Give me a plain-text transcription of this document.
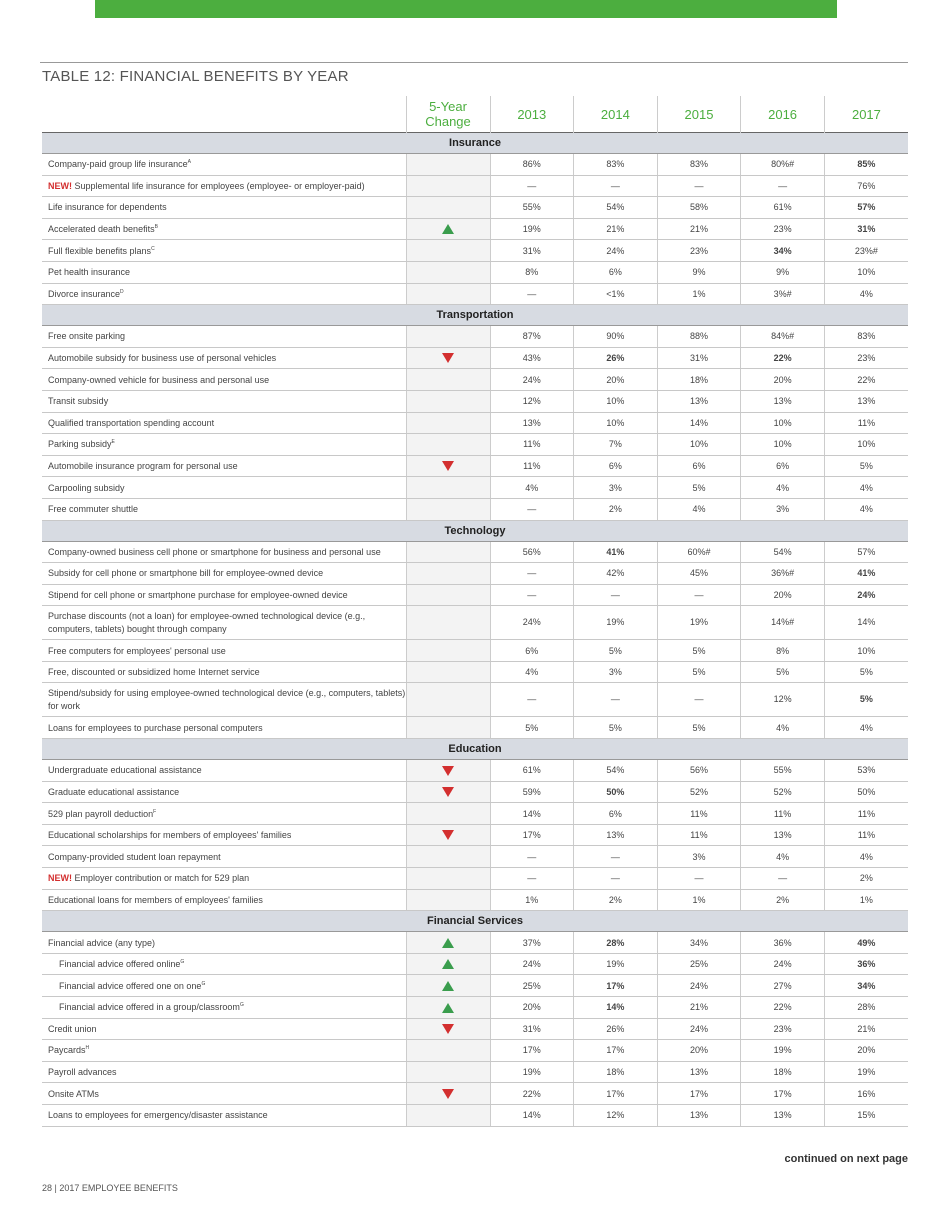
TABLE 12: FINANCIAL BENEFITS BY YEAR
	5-Year
Change	2013	2014	2015	2016	2017
Insurance						
Company-paid group life insurance$^A$		86%	83%	83%	80%#	85%
NEW! Supplemental life insurance for employees (employee- or employer-paid)		—	—	—	—	76%
Life insurance for dependents		55%	54%	58%	61%	57%
Accelerated death benefits$^B$		19%	21%	21%	23%	31%
Full flexible benefits plans$^C$		31%	24%	23%	34%	23%#
Pet health insurance		8%	6%	9%	9%	10%
Divorce insurance$^D$		—	<1%	1%	3%#	4%
Transportation						
Free onsite parking		87%	90%	88%	84%#	83%
Automobile subsidy for business use of personal vehicles		43%	26%	31%	22%	23%
Company-owned vehicle for business and personal use		24%	20%	18%	20%	22%
Transit subsidy		12%	10%	13%	13%	13%
Qualified transportation spending account		13%	10%	14%	10%	11%
Parking subsidy$^E$		11%	7%	10%	10%	10%
Automobile insurance program for personal use		11%	6%	6%	6%	5%
Carpooling subsidy		4%	3%	5%	4%	4%
Free commuter shuttle		—	2%	4%	3%	4%
Technology						
Company-owned business cell phone or smartphone for business and personal use		56%	41%	60%#	54%	57%
Subsidy for cell phone or smartphone bill for employee-owned device		—	42%	45%	36%#	41%
Stipend for cell phone or smartphone purchase for employee-owned device		—	—	—	20%	24%
Purchase discounts (not a loan) for employee-owned technological device (e.g., computers, tablets) bought through company		24%	19%	19%	14%#	14%
Free computers for employees' personal use		6%	5%	5%	8%	10%
Free, discounted or subsidized home Internet service		4%	3%	5%	5%	5%
Stipend/subsidy for using employee-owned technological device (e.g., computers, tablets) for work		—	—	—	12%	5%
Loans for employees to purchase personal computers		5%	5%	5%	4%	4%
Education						
Undergraduate educational assistance		61%	54%	56%	55%	53%
Graduate educational assistance		59%	50%	52%	52%	50%
529 plan payroll deduction$^F$		14%	6%	11%	11%	11%
Educational scholarships for members of employees' families		17%	13%	11%	13%	11%
Company-provided student loan repayment		—	—	3%	4%	4%
NEW! Employer contribution or match for 529 plan		—	—	—	—	2%
Educational loans for members of employees' families		1%	2%	1%	2%	1%
Financial Services						
Financial advice (any type)		37%	28%	34%	36%	49%
Financial advice offered online$^G$		24%	19%	25%	24%	36%
Financial advice offered one on one$^G$		25%	17%	24%	27%	34%
Financial advice offered in a group/classroom$^G$		20%	14%	21%	22%	28%
Credit union		31%	26%	24%	23%	21%
Paycards$^H$		17%	17%	20%	19%	20%
Payroll advances		19%	18%	13%	18%	19%
Onsite ATMs		22%	17%	17%	17%	16%
Loans to employees for emergency/disaster assistance		14%	12%	13%	13%	15%
continued on next page
28 | 2017 EMPLOYEE BENEFITS
